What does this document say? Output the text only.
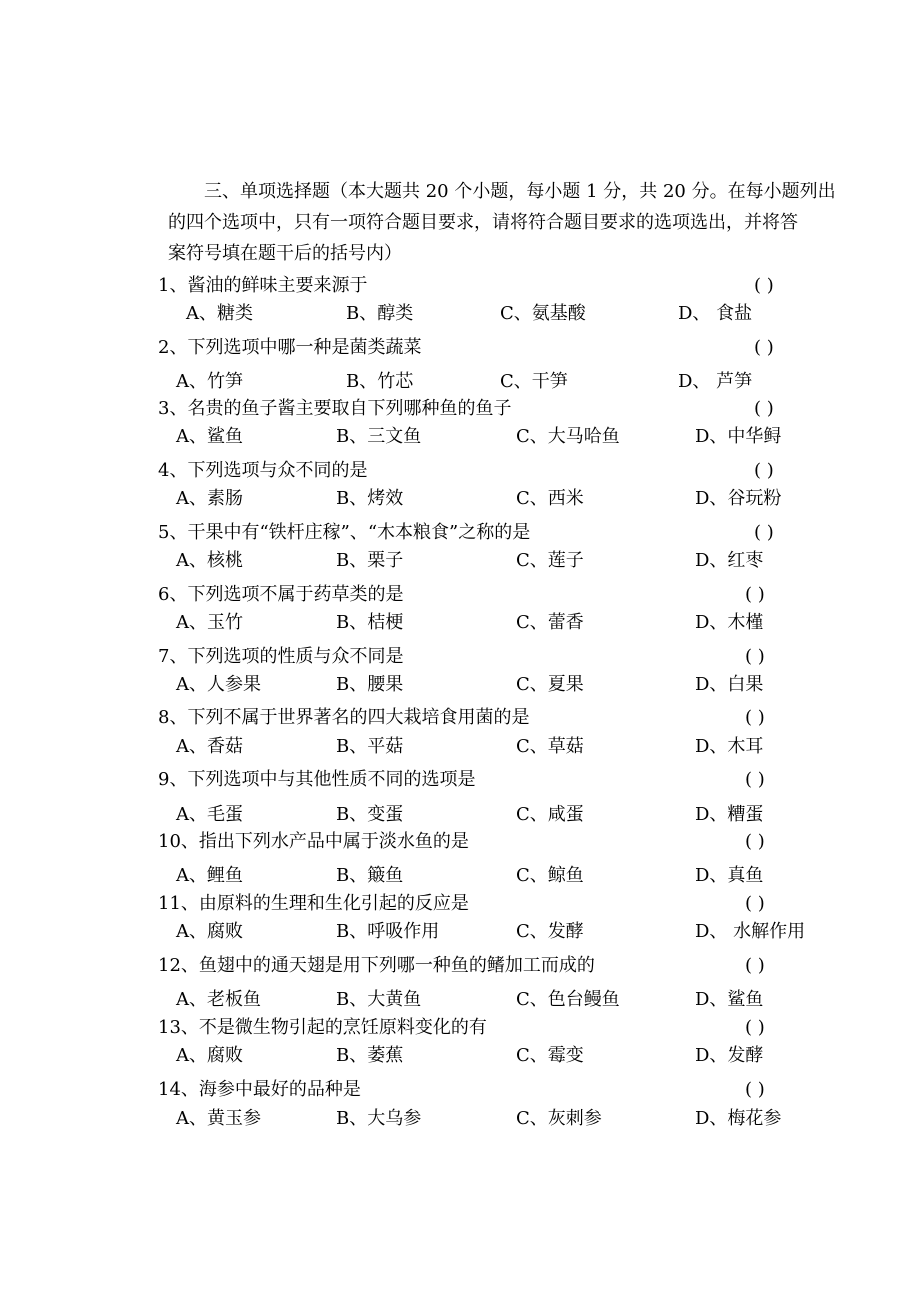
三、单项选择题（本大题共 20 个小题，每小题 1 分，共 20 分。在每小题列出
的四个选项中，只有一项符合题目要求，请将符合题目要求的选项选出，并将答
案符号填在题干后的括号内）
1、酱油的鲜味主要来源于	( )
A、糖类	B、醇类	C、氨基酸	D、 食盐
2、下列选项中哪一种是菌类蔬菜	( )
A、竹笋	B、竹芯	C、干笋	D、 芦笋
3、名贵的鱼子酱主要取自下列哪种鱼的鱼子	( )
A、鲨鱼	B、三文鱼	C、大马哈鱼	D、中华鲟
4、下列选项与众不同的是	( )
A、素肠	B、烤效	C、西米	D、谷玩粉
5、干果中有“铁杆庄稼”、“木本粮食”之称的是	( )
A、核桃	B、栗子	C、莲子	D、红枣
6、下列选项不属于药草类的是	( )
A、玉竹	B、桔梗	C、蕾香	D、木槿
7、下列选项的性质与众不同是	( )
A、人参果	B、腰果	C、夏果	D、白果
8、下列不属于世界著名的四大栽培食用菌的是	( )
A、香菇	B、平菇	C、草菇	D、木耳
9、下列选项中与其他性质不同的选项是	( )
A、毛蛋	B、变蛋	C、咸蛋	D、糟蛋
10、指出下列水产品中属于淡水鱼的是	( )
A、鲤鱼	B、簸鱼	C、鲸鱼	D、真鱼
11、由原料的生理和生化引起的反应是	( )
A、腐败	B、呼吸作用	C、发酵	D、 水解作用
12、鱼翅中的通天翅是用下列哪一种鱼的鳍加工而成的	( )
A、老板鱼	B、大黄鱼	C、色台鳗鱼	D、鲨鱼
13、不是微生物引起的烹饪原料变化的有	( )
A、腐败	B、萎蕉	C、霉变	D、发酵
14、海参中最好的品种是	( )
A、黄玉参	B、大乌参	C、灰刺参	D、梅花参
